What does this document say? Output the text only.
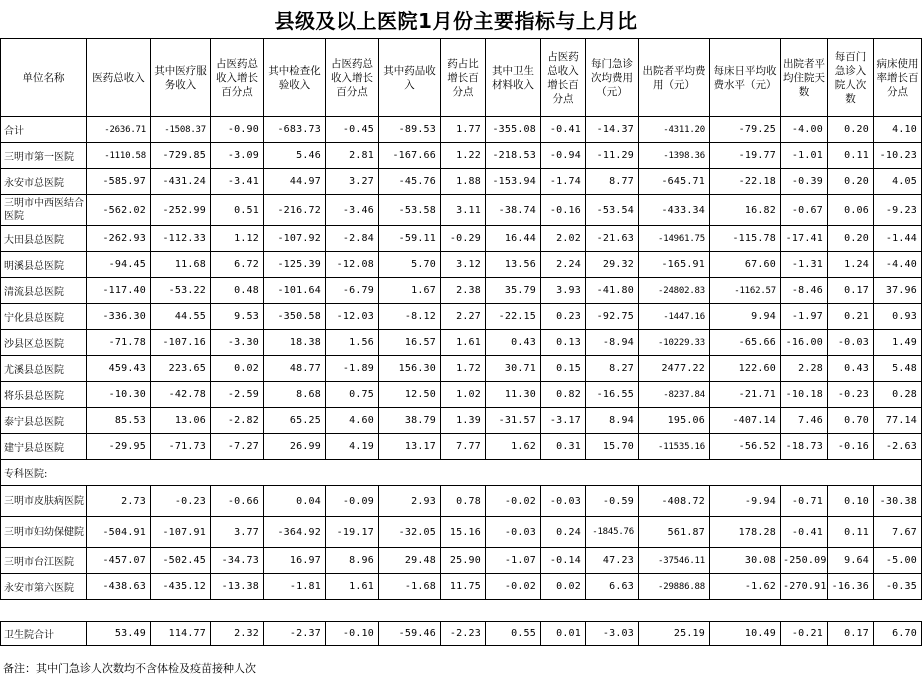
县级及以上医院1月份主要指标与上月比
单位名称	医药总收入	其中医疗服务收入	占医药总收入增长百分点	其中检查化验收入	占医药总收入增长百分点	其中药品收入	药占比增长百分点	其中卫生材料收入	占医药总收入增长百分点	每门急诊次均费用（元）	出院者平均费用（元）	每床日平均收费水平（元）	出院者平均住院天数	每百门急诊入院人次数	病床使用率增长百分点
合计	-2636.71	-1508.37	-0.90	-683.73	-0.45	-89.53	1.77	-355.08	-0.41	-14.37	-4311.20	-79.25	-4.00	0.20	4.10
三明市第一医院	-1110.58	-729.85	-3.09	5.46	2.81	-167.66	1.22	-218.53	-0.94	-11.29	-1398.36	-19.77	-1.01	0.11	-10.23
永安市总医院	-585.97	-431.24	-3.41	44.97	3.27	-45.76	1.88	-153.94	-1.74	8.77	-645.71	-22.18	-0.39	0.20	4.05
三明市中西医结合医院	-562.02	-252.99	0.51	-216.72	-3.46	-53.58	3.11	-38.74	-0.16	-53.54	-433.34	16.82	-0.67	0.06	-9.23
大田县总医院	-262.93	-112.33	1.12	-107.92	-2.84	-59.11	-0.29	16.44	2.02	-21.63	-14961.75	-115.78	-17.41	0.20	-1.44
明溪县总医院	-94.45	11.68	6.72	-125.39	-12.08	5.70	3.12	13.56	2.24	29.32	-165.91	67.60	-1.31	1.24	-4.40
清流县总医院	-117.40	-53.22	0.48	-101.64	-6.79	1.67	2.38	35.79	3.93	-41.80	-24802.83	-1162.57	-8.46	0.17	37.96
宁化县总医院	-336.30	44.55	9.53	-350.58	-12.03	-8.12	2.27	-22.15	0.23	-92.75	-1447.16	9.94	-1.97	0.21	0.93
沙县区总医院	-71.78	-107.16	-3.30	18.38	1.56	16.57	1.61	0.43	0.13	-8.94	-10229.33	-65.66	-16.00	-0.03	1.49
尤溪县总医院	459.43	223.65	0.02	48.77	-1.89	156.30	1.72	30.71	0.15	8.27	2477.22	122.60	2.28	0.43	5.48
将乐县总医院	-10.30	-42.78	-2.59	8.68	0.75	12.50	1.02	11.30	0.82	-16.55	-8237.84	-21.71	-10.18	-0.23	0.28
泰宁县总医院	85.53	13.06	-2.82	65.25	4.60	38.79	1.39	-31.57	-3.17	8.94	195.06	-407.14	7.46	0.70	77.14
建宁县总医院	-29.95	-71.73	-7.27	26.99	4.19	13.17	7.77	1.62	0.31	15.70	-11535.16	-56.52	-18.73	-0.16	-2.63
专科医院:															
三明市皮肤病医院	2.73	-0.23	-0.66	0.04	-0.09	2.93	0.78	-0.02	-0.03	-0.59	-408.72	-9.94	-0.71	0.10	-30.38
三明市妇幼保健院	-504.91	-107.91	3.77	-364.92	-19.17	-32.05	15.16	-0.03	0.24	-1845.76	561.87	178.28	-0.41	0.11	7.67
三明市台江医院	-457.07	-502.45	-34.73	16.97	8.96	29.48	25.90	-1.07	-0.14	47.23	-37546.11	30.08	-250.09	9.64	-5.00
永安市第六医院	-438.63	-435.12	-13.38	-1.81	1.61	-1.68	11.75	-0.02	0.02	6.63	-29886.88	-1.62	-270.91	-16.36	-0.35

卫生院合计	53.49	114.77	2.32	-2.37	-0.10	-59.46	-2.23	0.55	0.01	-3.03	25.19	10.49	-0.21	0.17	6.70
备注：其中门急诊人次数均不含体检及疫苗接种人次
